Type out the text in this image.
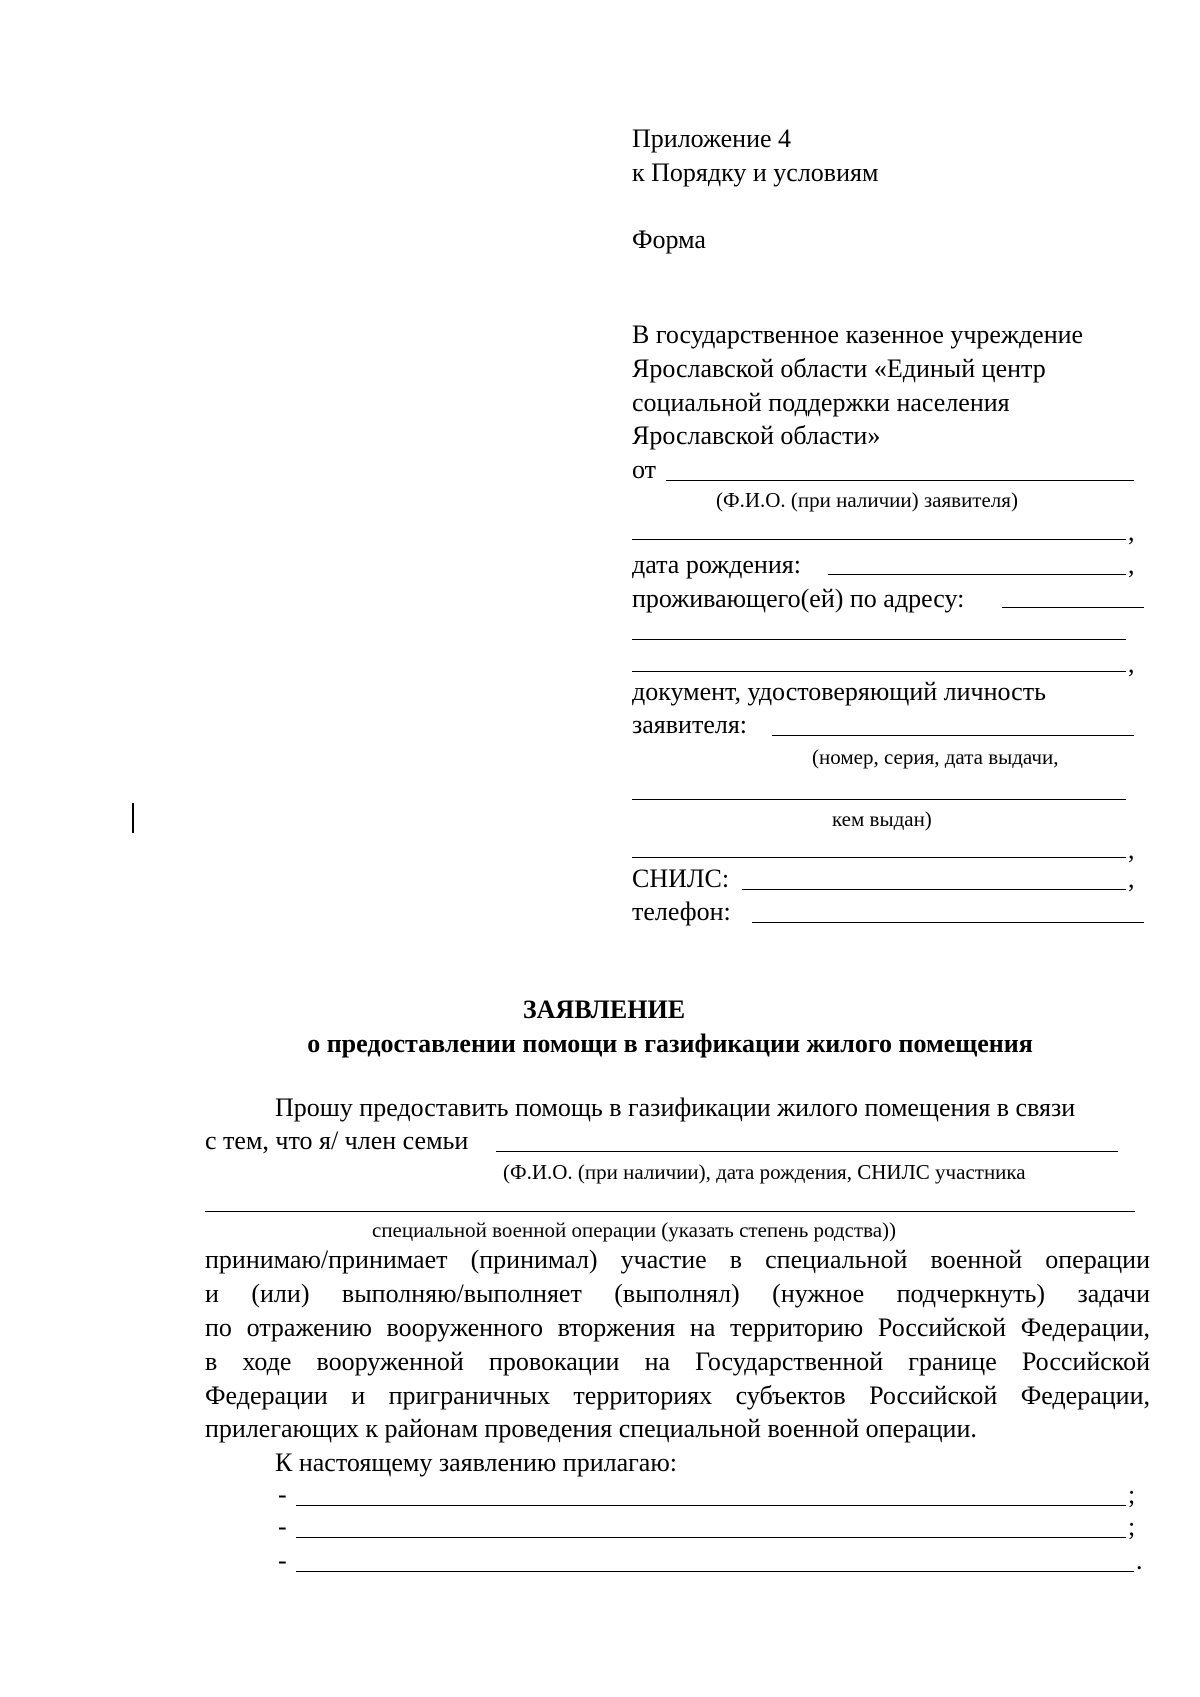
Приложение 4
к Порядку и условиям
Форма
В государственное казенное учреждение
Ярославской области «Единый центр
социальной поддержки населения
Ярославской области»
от
(Ф.И.О. (при наличии) заявителя)
,
дата рождения:	,
проживающего(ей) по адресу:
,
документ, удостоверяющий личность
заявителя:
(номер, серия, дата выдачи,
кем выдан)
,
СНИЛС:	,
телефон:
ЗАЯВЛЕНИЕ
о предоставлении помощи в газификации жилого помещения
Прошу предоставить помощь в газификации жилого помещения в связи
с тем, что я/ член семьи
(Ф.И.О. (при наличии), дата рождения, СНИЛС участника
специальной военной операции (указать степень родства))
принимаю/принимает (принимал) участие в специальной военной операции
и (или) выполняю/выполняет (выполнял) (нужное подчеркнуть) задачи
по отражению вооруженного вторжения на территорию Российской Федерации,
в ходе вооруженной провокации на Государственной границе Российской
Федерации и приграничных территориях субъектов Российской Федерации,
прилегающих к районам проведения специальной военной операции.
К настоящему заявлению прилагаю:
-	;
-	;
-	.
